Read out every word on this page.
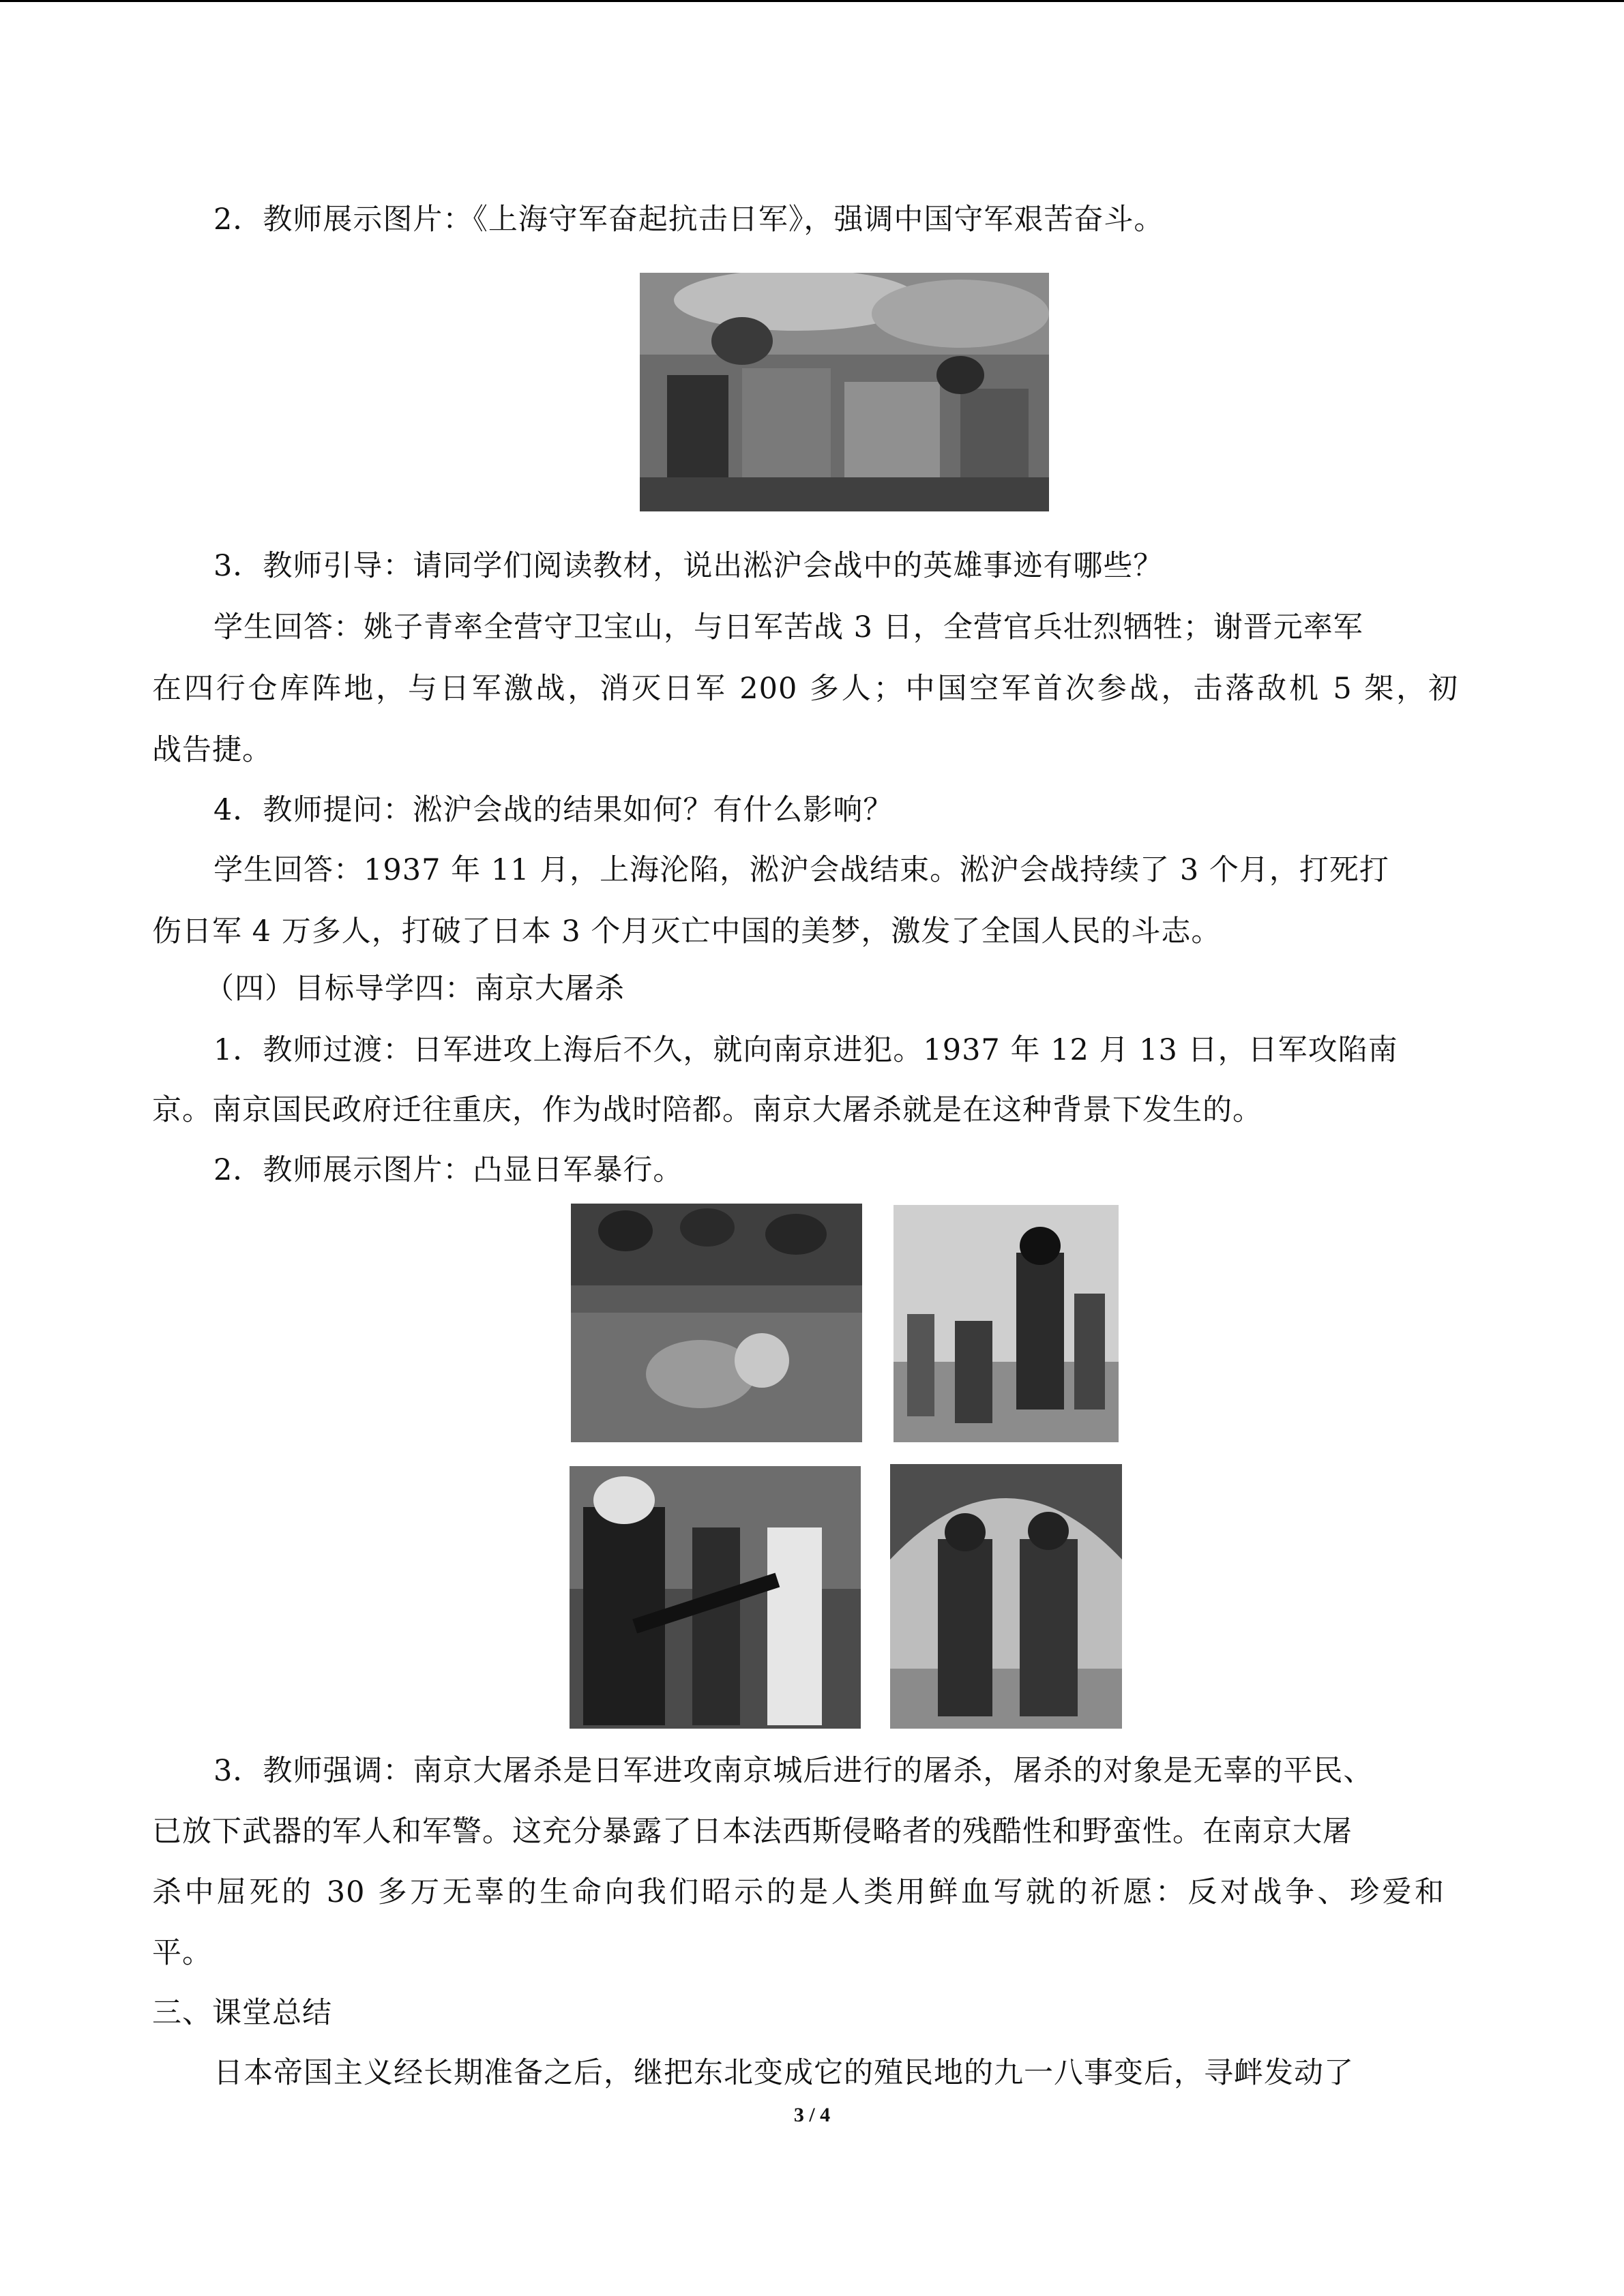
2．教师展示图片：《上海守军奋起抗击日军》，强调中国守军艰苦奋斗。
3．教师引导：请同学们阅读教材，说出淞沪会战中的英雄事迹有哪些？
学生回答：姚子青率全营守卫宝山，与日军苦战 3 日，全营官兵壮烈牺牲；谢晋元率军
在四行仓库阵地，与日军激战，消灭日军 200 多人；中国空军首次参战，击落敌机 5 架，初
战告捷。
4．教师提问：淞沪会战的结果如何？有什么影响？
学生回答：1937 年 11 月，上海沦陷，淞沪会战结束。淞沪会战持续了 3 个月，打死打
伤日军 4 万多人，打破了日本 3 个月灭亡中国的美梦，激发了全国人民的斗志。
（四）目标导学四：南京大屠杀
1．教师过渡：日军进攻上海后不久，就向南京进犯。1937 年 12 月 13 日，日军攻陷南
京。南京国民政府迁往重庆，作为战时陪都。南京大屠杀就是在这种背景下发生的。
2．教师展示图片：凸显日军暴行。
3．教师强调：南京大屠杀是日军进攻南京城后进行的屠杀，屠杀的对象是无辜的平民、
已放下武器的军人和军警。这充分暴露了日本法西斯侵略者的残酷性和野蛮性。在南京大屠
杀中屈死的 30 多万无辜的生命向我们昭示的是人类用鲜血写就的祈愿：反对战争、珍爱和
平。
三、课堂总结
日本帝国主义经长期准备之后，继把东北变成它的殖民地的九一八事变后，寻衅发动了
3 / 4
